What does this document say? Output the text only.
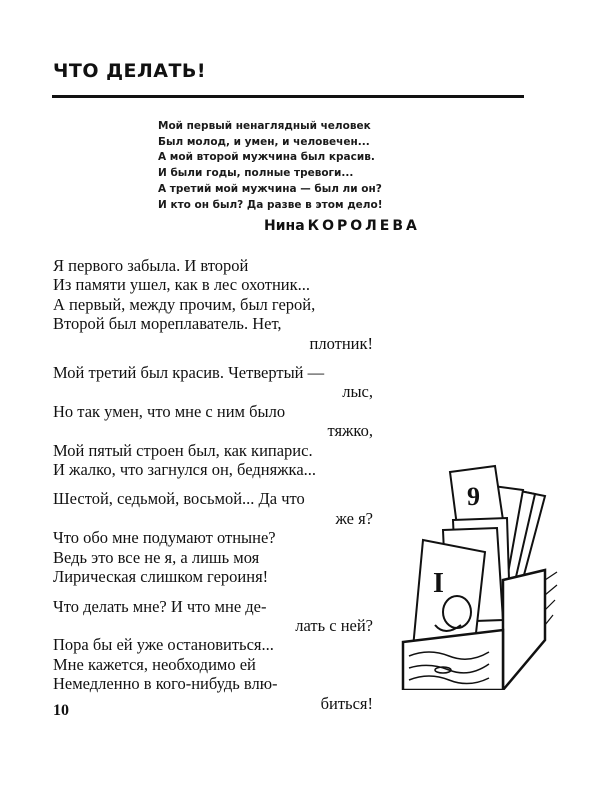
ЧТО ДЕЛАТЬ!
Мой первый ненаглядный человек
Был молод, и умен, и человечен...
А мой второй мужчина был красив.
И были годы, полные тревоги...
А третий мой мужчина — был ли он?
И кто он был? Да разве в этом дело!
Нина КОРОЛЕВА
Я первого забыла. И второй
Из памяти ушел, как в лес охотник...
А первый, между прочим, был герой,
Второй был мореплаватель. Нет,
плотник!
Мой третий был красив. Четвертый —
лыс,
Но так умен, что мне с ним было
тяжко,
Мой пятый строен был, как кипарис.
И жалко, что загнулся он, бедняжка...
Шестой, седьмой, восьмой... Да что
же я?
Что обо мне подумают отныне?
Ведь это все не я, а лишь моя
Лирическая слишком героиня!
Что делать мне? И что мне де-
лать с ней?
Пора бы ей уже остановиться...
Мне кажется, необходимо ей
Немедленно в кого-нибудь влю-
биться!
9
I
10
